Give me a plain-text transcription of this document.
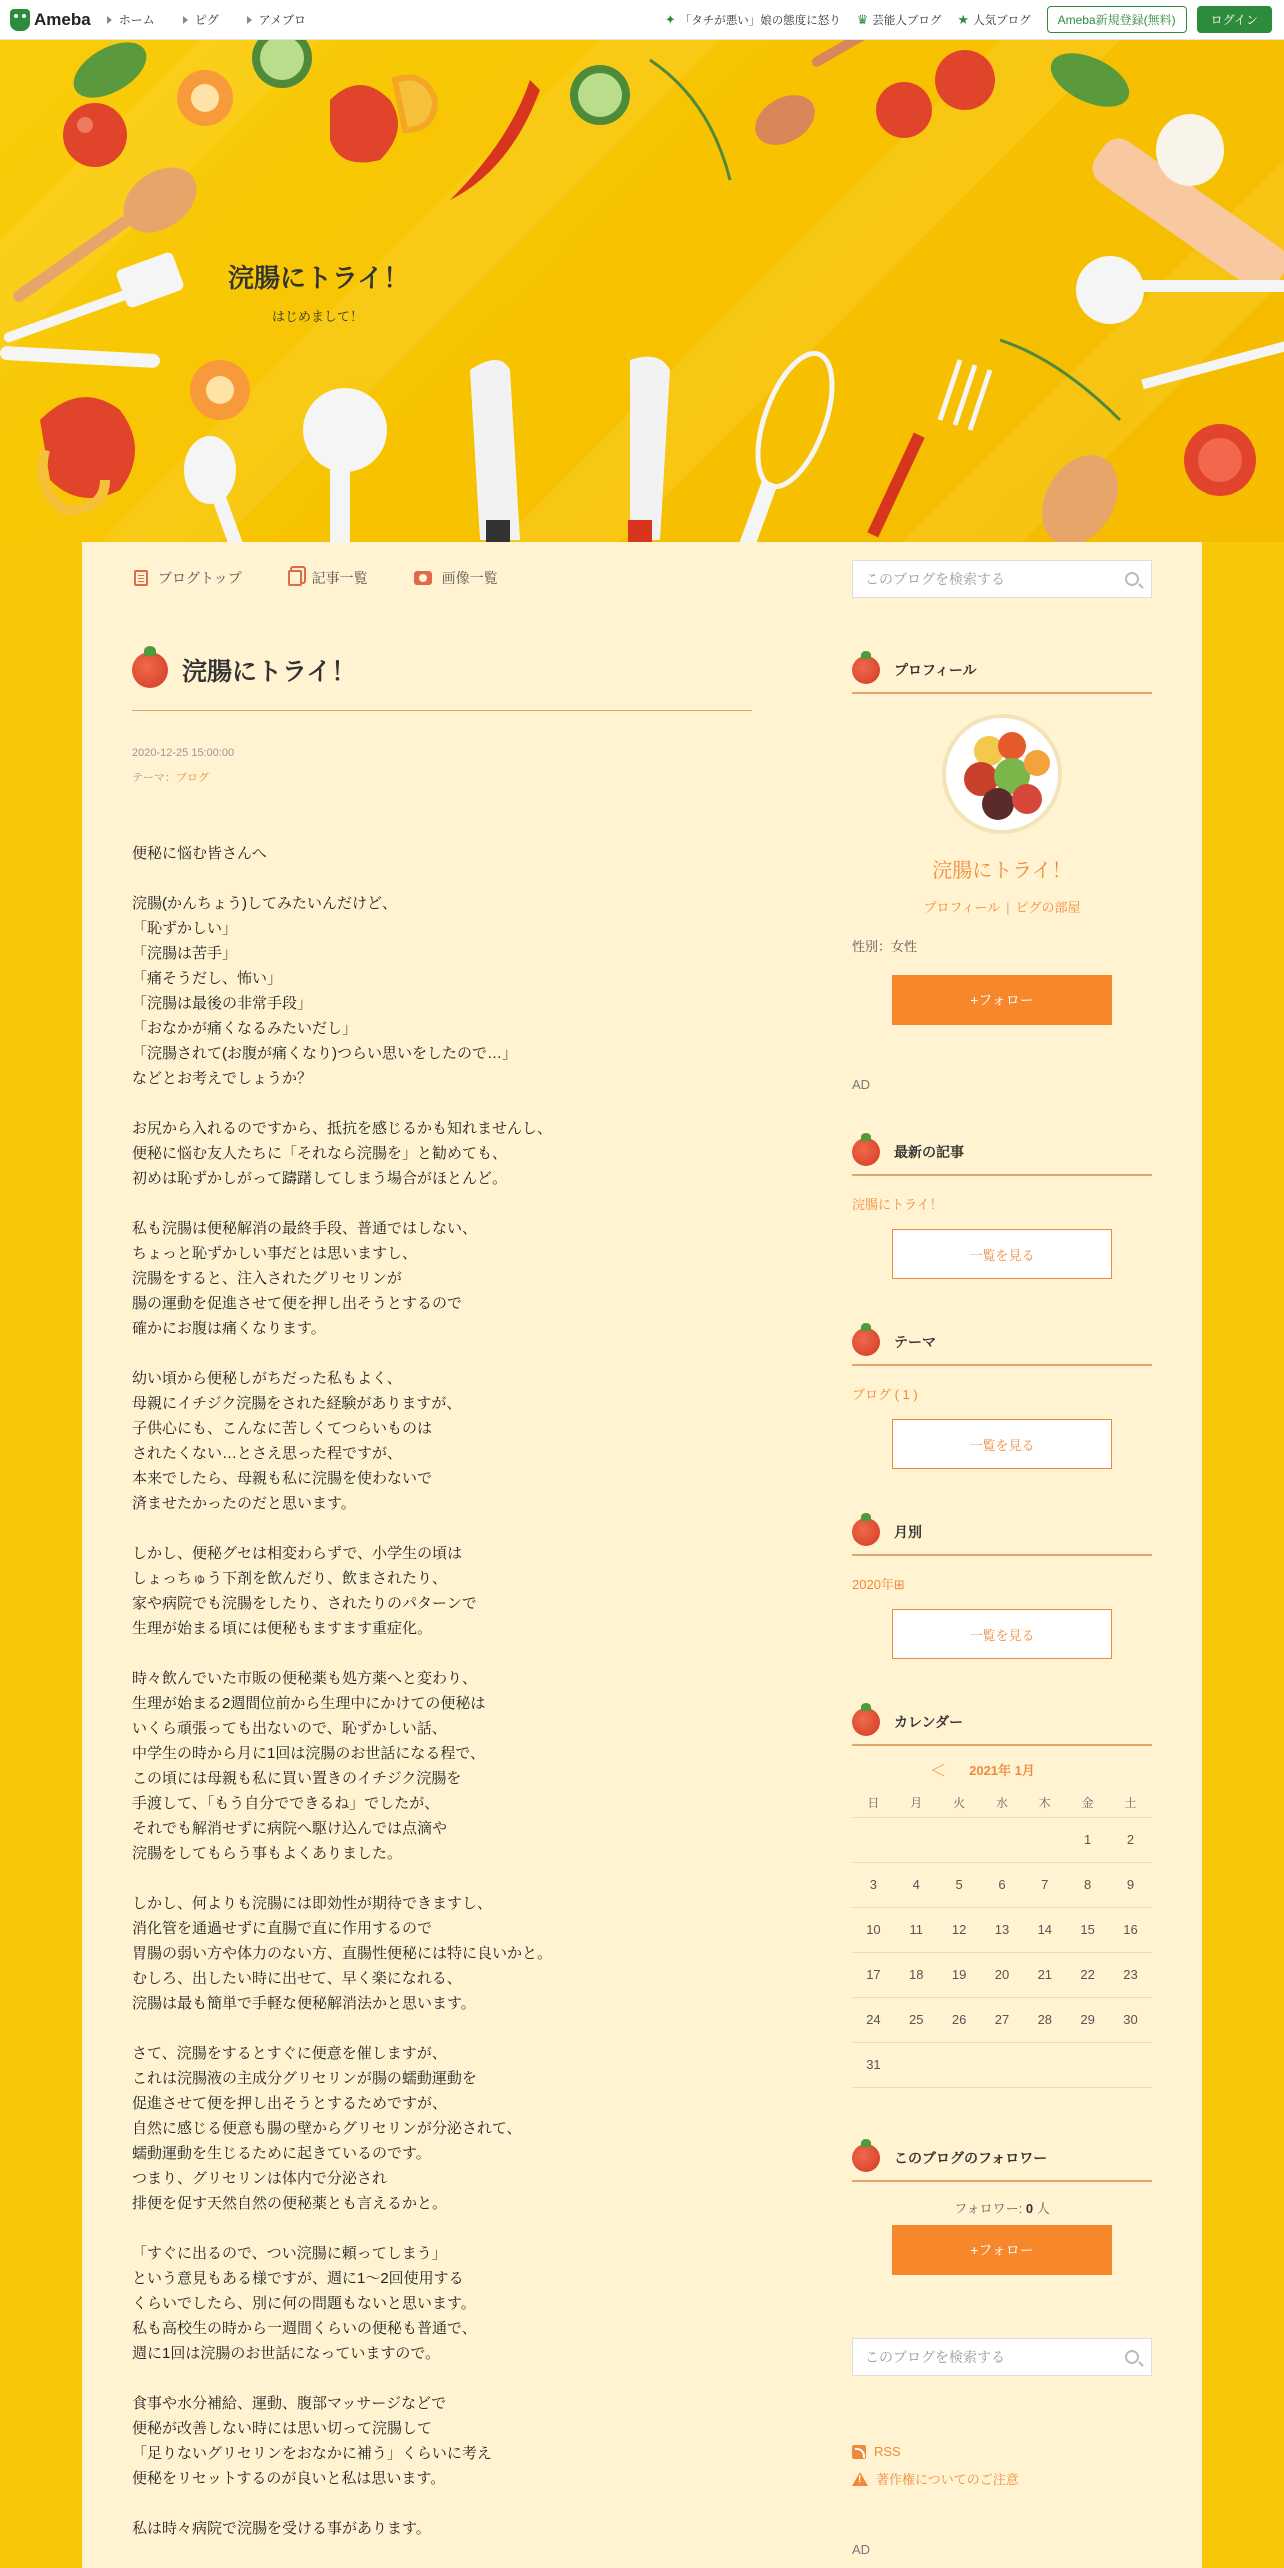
Ameba ホーム	ピグ	アメブロ	✦ 「タチが悪い」娘の態度に怒り ♛ 芸能人ブログ ★ 人気ブログ	Ameba新規登録(無料)	ログイン
浣腸にトライ！
はじめまして！
ブログトップ	記事一覧	画像一覧	このブログを検索する
浣腸にトライ！
2020-12-25 15:00:00
テーマ：ブログ

便秘に悩む皆さんへ

浣腸(かんちょう)してみたいんだけど、
「恥ずかしい」
「浣腸は苦手」
「痛そうだし、怖い」
「浣腸は最後の非常手段」
「おなかが痛くなるみたいだし」
「浣腸されて(お腹が痛くなり)つらい思いをしたので…」
などとお考えでしょうか？

お尻から入れるのですから、抵抗を感じるかも知れませんし、
便秘に悩む友人たちに「それなら浣腸を」と勧めても、
初めは恥ずかしがって躊躇してしまう場合がほとんど。

私も浣腸は便秘解消の最終手段、普通ではしない、
ちょっと恥ずかしい事だとは思いますし、
浣腸をすると、注入されたグリセリンが
腸の運動を促進させて便を押し出そうとするので
確かにお腹は痛くなります。

幼い頃から便秘しがちだった私もよく、
母親にイチジク浣腸をされた経験がありますが、
子供心にも、こんなに苦しくてつらいものは
されたくない…とさえ思った程ですが、
本来でしたら、母親も私に浣腸を使わないで
済ませたかったのだと思います。

しかし、便秘グセは相変わらずで、小学生の頃は
しょっちゅう下剤を飲んだり、飲まされたり、
家や病院でも浣腸をしたり、されたりのパターンで
生理が始まる頃には便秘もますます重症化。

時々飲んでいた市販の便秘薬も処方薬へと変わり、
生理が始まる2週間位前から生理中にかけての便秘は
いくら頑張っても出ないので、恥ずかしい話、
中学生の時から月に1回は浣腸のお世話になる程で、
この頃には母親も私に買い置きのイチジク浣腸を
手渡して、「もう自分でできるね」でしたが、
それでも解消せずに病院へ駆け込んでは点滴や
浣腸をしてもらう事もよくありました。

しかし、何よりも浣腸には即効性が期待できますし、
消化管を通過せずに直腸で直に作用するので
胃腸の弱い方や体力のない方、直腸性便秘には特に良いかと。
むしろ、出したい時に出せて、早く楽になれる、
浣腸は最も簡単で手軽な便秘解消法かと思います。

さて、浣腸をするとすぐに便意を催しますが、
これは浣腸液の主成分グリセリンが腸の蠕動運動を
促進させて便を押し出そうとするためですが、
自然に感じる便意も腸の壁からグリセリンが分泌されて、
蠕動運動を生じるために起きているのです。
つまり、グリセリンは体内で分泌され
排便を促す天然自然の便秘薬とも言えるかと。

「すぐに出るので、つい浣腸に頼ってしまう」
という意見もある様ですが、週に1～2回使用する
くらいでしたら、別に何の問題もないと思います。
私も高校生の時から一週間くらいの便秘も普通で、
週に1回は浣腸のお世話になっていますので。

食事や水分補給、運動、腹部マッサージなどで
便秘が改善しない時には思い切って浣腸して
「足りないグリセリンをおなかに補う」くらいに考え
便秘をリセットするのが良いと私は思います。

私は時々病院で浣腸を受ける事があります。

プロフィール
浣腸にトライ！
プロフィール | ピグの部屋
性別：女性
+フォロー
AD
最新の記事
浣腸にトライ！
一覧を見る
テーマ
ブログ ( 1 )
一覧を見る
月別
2020年⊞
一覧を見る
カレンダー
＜ 2021年 1月
日	月	火	水	木	金	土
					1	2
3	4	5	6	7	8	9
10	11	12	13	14	15	16
17	18	19	20	21	22	23
24	25	26	27	28	29	30
31						
このブログのフォロワー
フォロワー: 0 人
+フォロー
このブログを検索する
RSS
!
著作権についてのご注意
AD
